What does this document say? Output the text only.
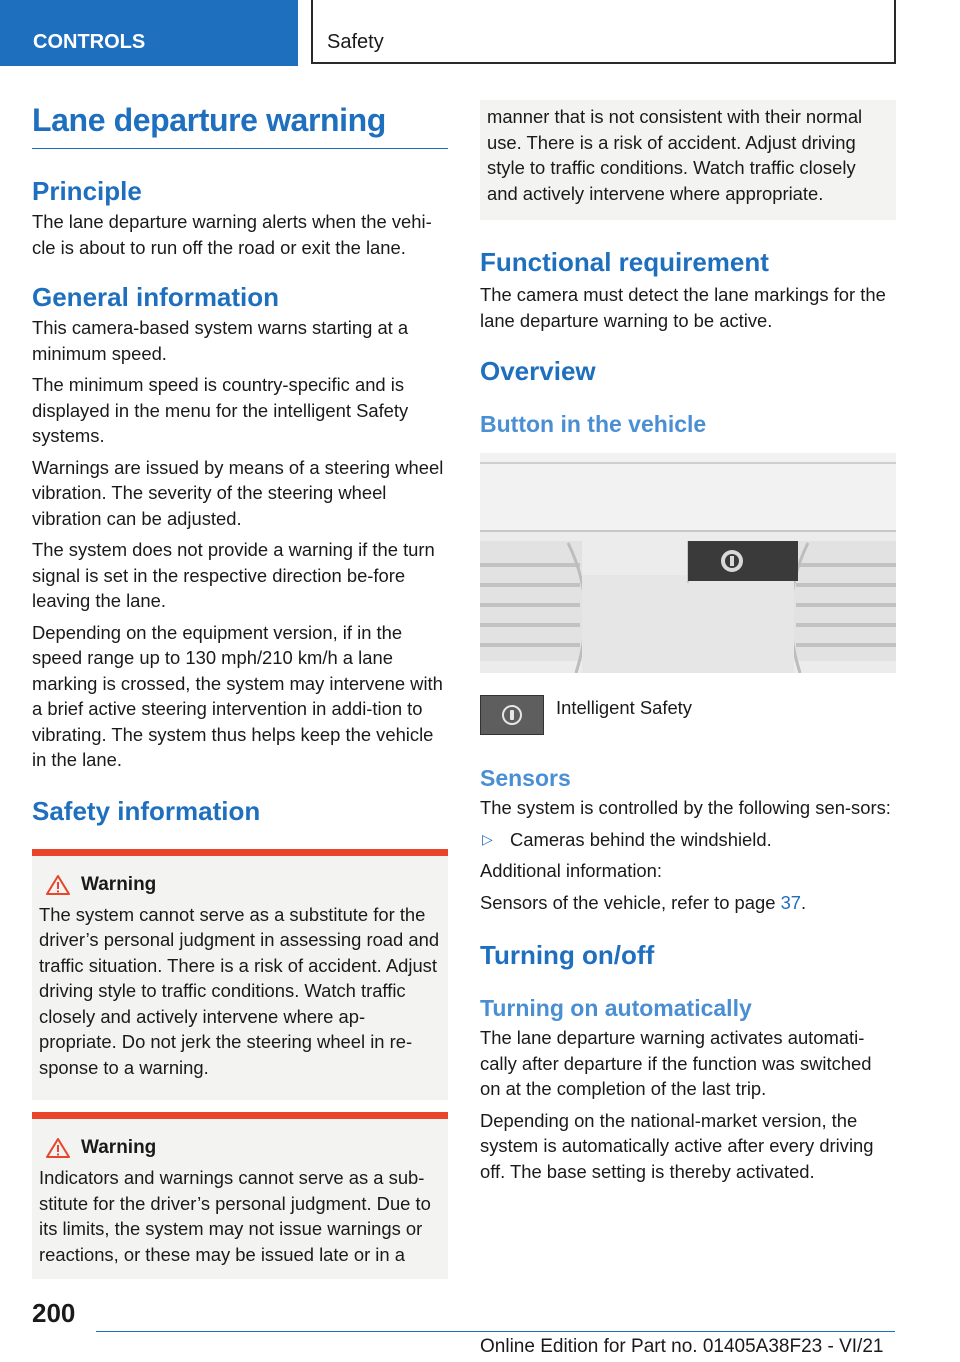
CONTROLS	Safety
Lane departure warning
Principle

The lane departure warning alerts when the vehi-cle is about to run off the road or exit the lane.

General information

This camera-based system warns starting at a minimum speed.

The minimum speed is country-specific and is displayed in the menu for the intelligent Safety systems.

Warnings are issued by means of a steering wheel vibration. The severity of the steering wheel vibration can be adjusted.

The system does not provide a warning if the turn signal is set in the respective direction be-fore leaving the lane.

Depending on the equipment version, if in the speed range up to 130 mph/210 km/h a lane marking is crossed, the system may intervene with a brief active steering intervention in addi-tion to vibrating. The system thus helps keep the vehicle in the lane.

Safety information
Warning

The system cannot serve as a substitute for the driver’s personal judgment in assessing road and traffic situation. There is a risk of accident. Adjust driving style to traffic conditions. Watch traffic closely and actively intervene where ap-propriate. Do not jerk the steering wheel in re-sponse to a warning.

Warning

Indicators and warnings cannot serve as a sub-stitute for the driver’s personal judgment. Due to its limits, the system may not issue warnings or reactions, or these may be issued late or in a

manner that is not consistent with their normal use. There is a risk of accident. Adjust driving style to traffic conditions. Watch traffic closely and actively intervene where appropriate.

Functional requirement

The camera must detect the lane markings for the lane departure warning to be active.

Overview
Button in the vehicle

Intelligent Safety

Sensors

The system is controlled by the following sen-sors:

▷ Cameras behind the windshield.

Additional information:

Sensors of the vehicle, refer to page 37.

Turning on/off
Turning on automatically

The lane departure warning activates automati-cally after departure if the function was switched on at the completion of the last trip.

Depending on the national-market version, the system is automatically active after every driving off. The base setting is thereby activated.

200
Online Edition for Part no. 01405A38F23 - VI/21
